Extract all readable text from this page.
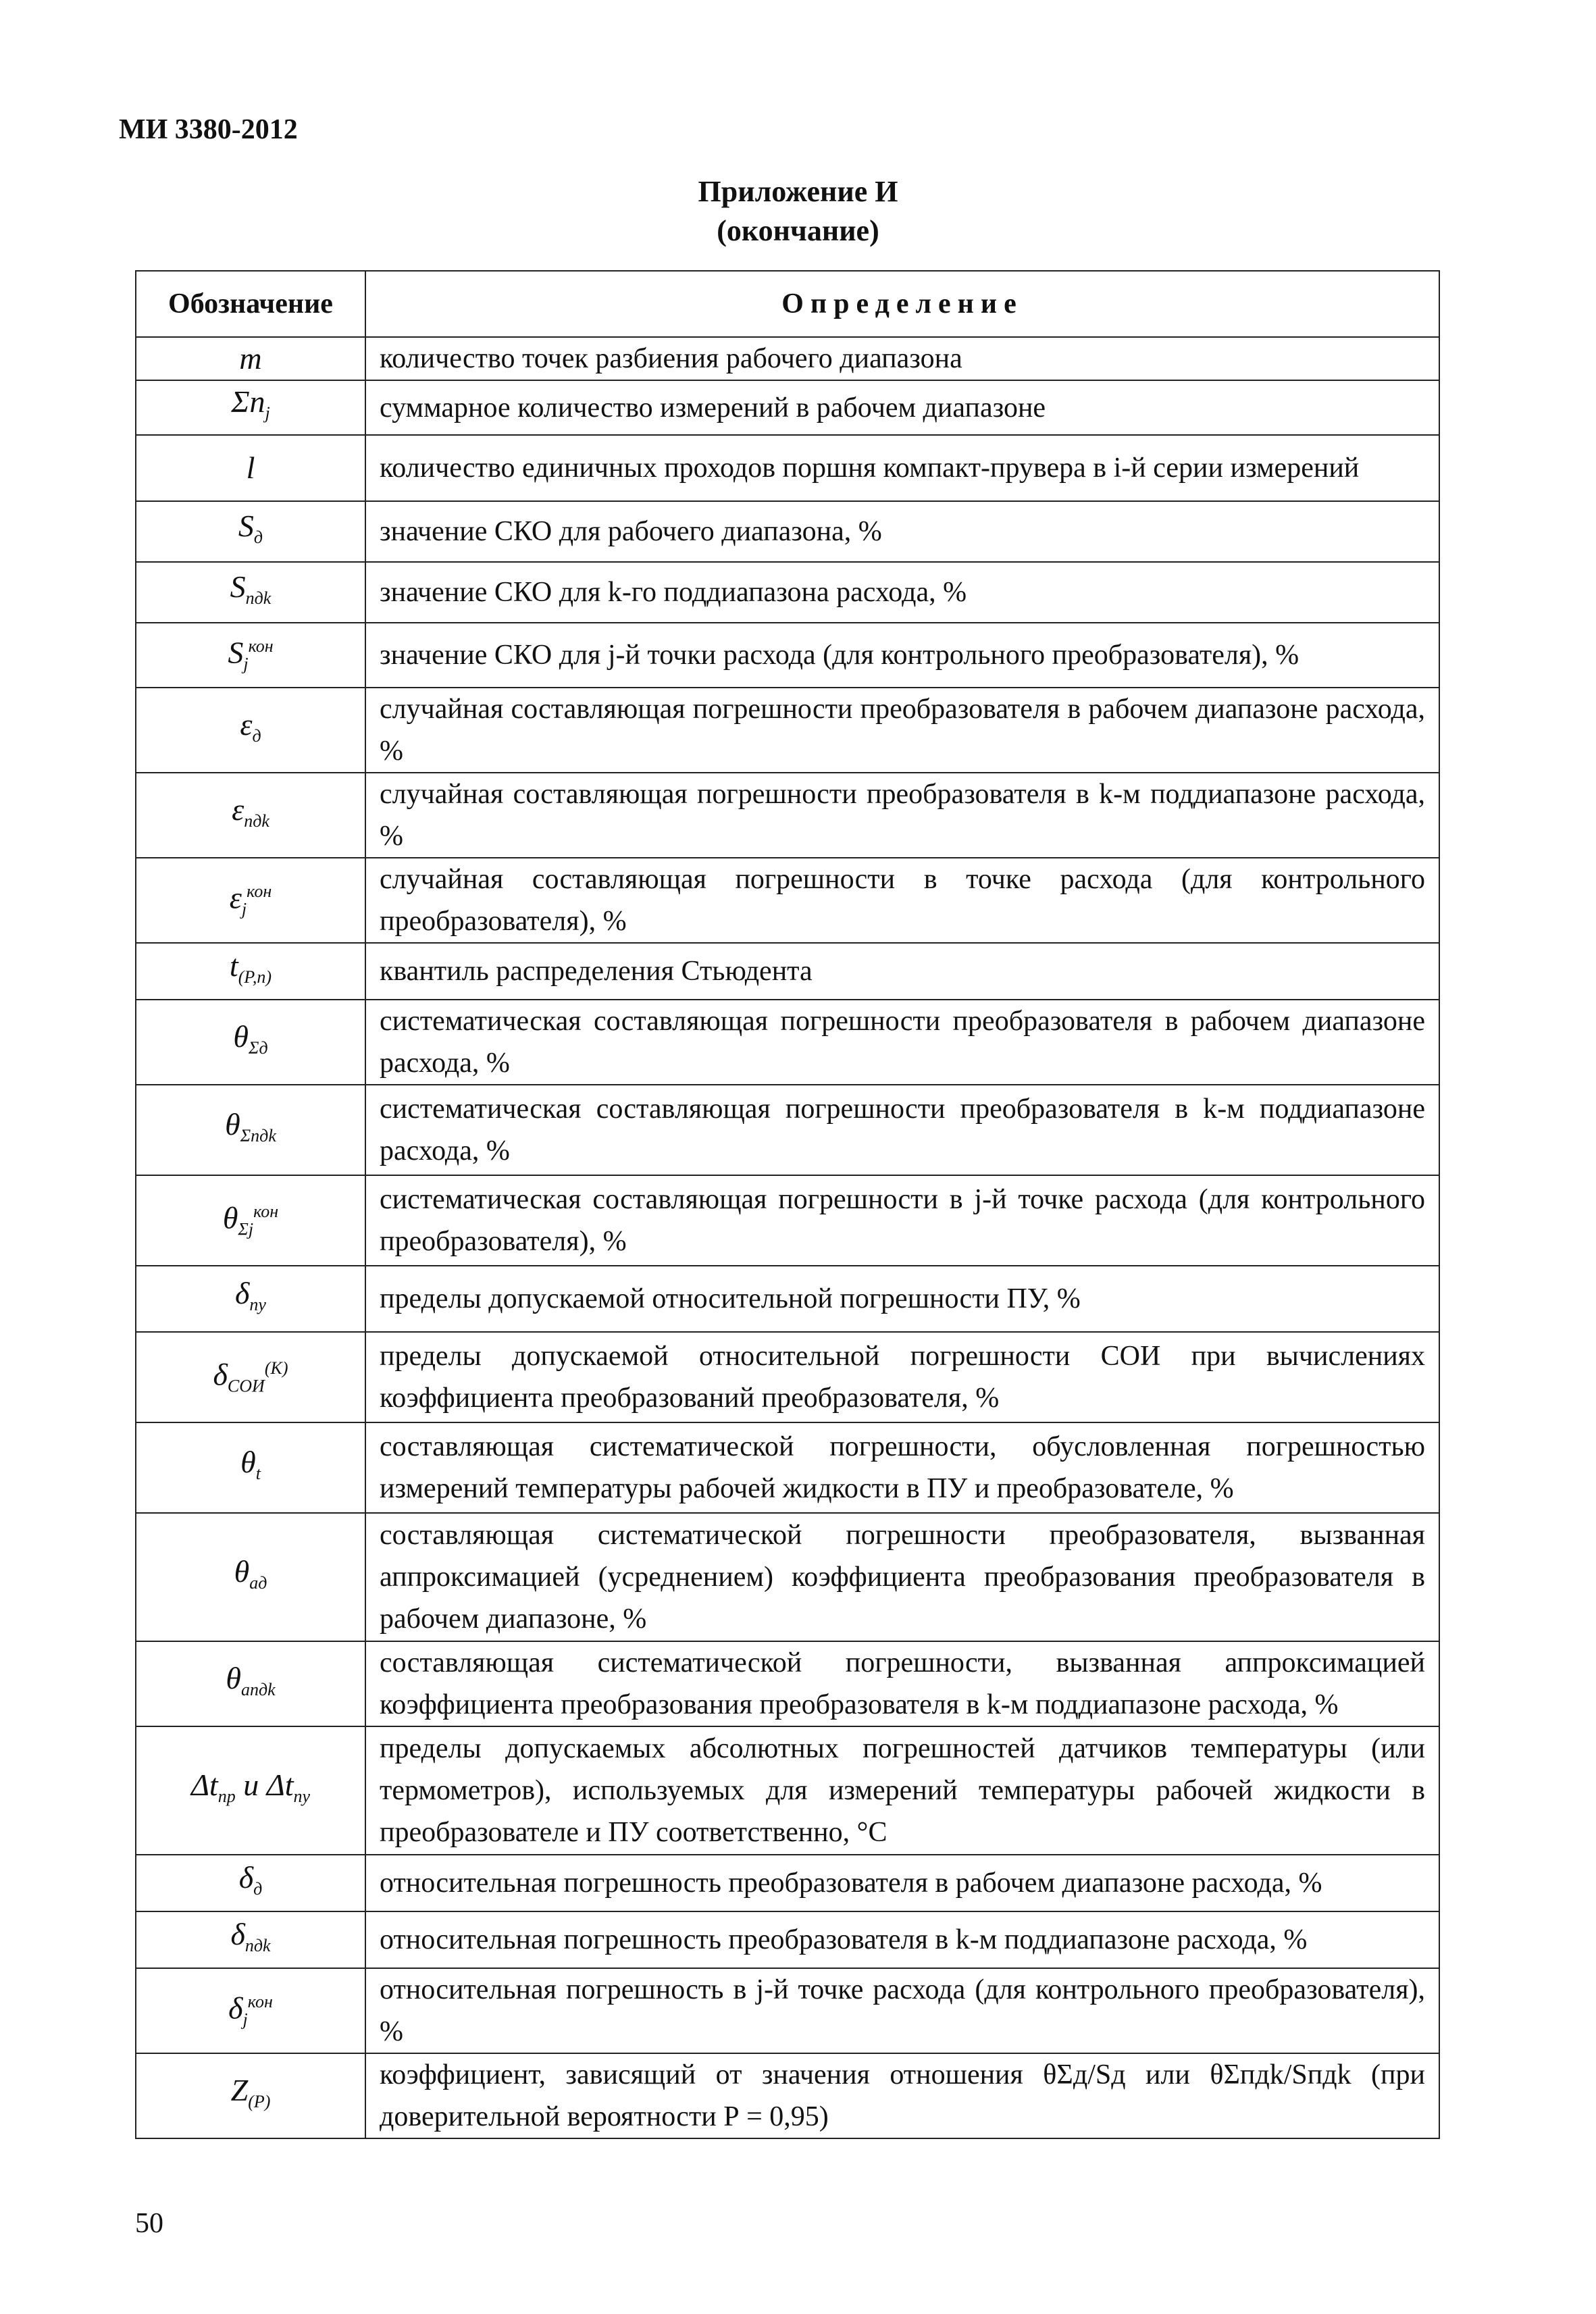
МИ 3380-2012
Приложение И
(окончание)
Обозначение	Определение
m	количество точек разбиения рабочего диапазона
$\Sigma n_j$	суммарное количество измерений в рабочем диапазоне
l	количество единичных проходов поршня компакт-прувера в i-й серии измерений
$S_д$	значение СКО для рабочего диапазона, %
$S_{пдk}$	значение СКО для k-го поддиапазона расхода, %
$S_j^{кон}$	значение СКО для j-й точки расхода (для контрольного преобразователя), %
$\varepsilon_д$	случайная составляющая погрешности преобразователя в рабочем диапазоне расхода, %
$\varepsilon_{пдk}$	случайная составляющая погрешности преобразователя в k-м поддиапазоне расхода, %
$\varepsilon_j^{кон}$	случайная составляющая погрешности в точке расхода (для контрольного преобразователя), %
$t_{(P,n)}$	квантиль распределения Стьюдента
$\theta_{\Sigma д}$	систематическая составляющая погрешности преобразователя в рабочем диапазоне расхода, %
$\theta_{\Sigma пдk}$	систематическая составляющая погрешности преобразователя в k-м поддиапазоне расхода, %
$\theta_{\Sigma j}^{кон}$	систематическая составляющая погрешности в j-й точке расхода (для контрольного преобразователя), %
$\delta_{пу}$	пределы допускаемой относительной погрешности ПУ, %
$\delta_{СОИ}^{(K)}$	пределы допускаемой относительной погрешности СОИ при вычислениях коэффициента преобразований преобразователя, %
$\theta_t$	составляющая систематической погрешности, обусловленная погрешностью измерений температуры рабочей жидкости в ПУ и преобразователе, %
$\theta_{ад}$	составляющая систематической погрешности преобразователя, вызванная аппроксимацией (усреднением) коэффициента преобразования преобразователя в рабочем диапазоне, %
$\theta_{апдk}$	составляющая систематической погрешности, вызванная аппроксимацией коэффициента преобразования преобразователя в k-м поддиапазоне расхода, %
$\Delta t_{пр}$ и $\Delta t_{пу}$	пределы допускаемых абсолютных погрешностей датчиков температуры (или термометров), используемых для измерений температуры рабочей жидкости в преобразователе и ПУ соответственно, °С
$\delta_д$	относительная погрешность преобразователя в рабочем диапазоне расхода, %
$\delta_{пдk}$	относительная погрешность преобразователя в k-м поддиапазоне расхода, %
$\delta_j^{кон}$	относительная погрешность в j-й точке расхода (для контрольного преобразователя), %
$Z_{(P)}$	коэффициент, зависящий от значения отношения θΣд/Sд или θΣпдk/Sпдk (при доверительной вероятности Р = 0,95)
50
